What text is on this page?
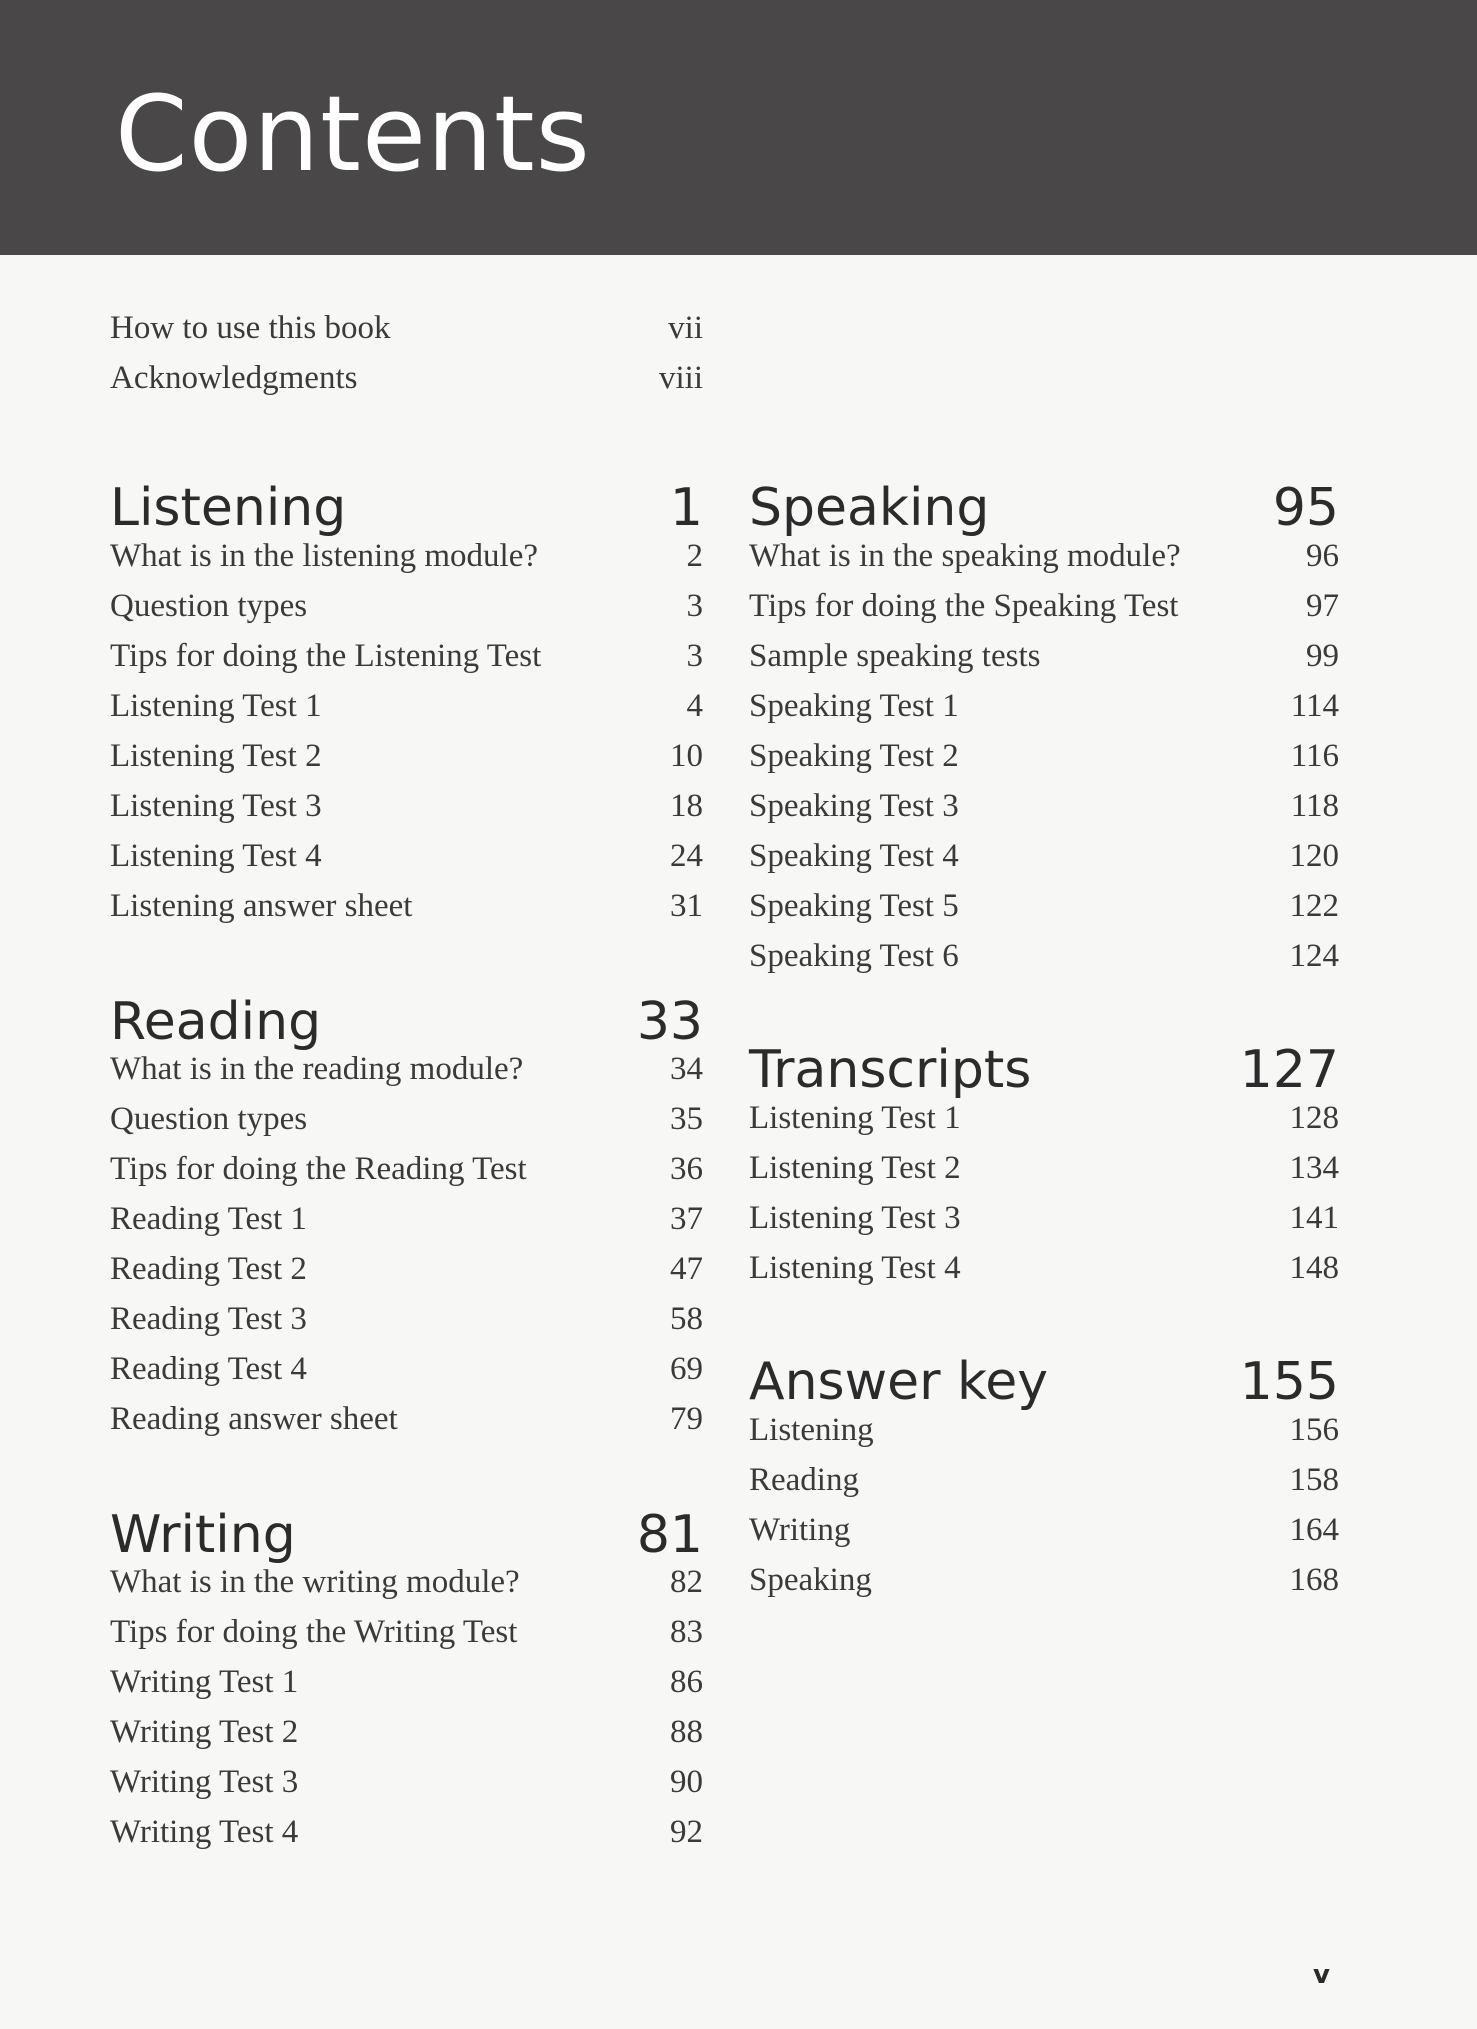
Contents
How to use this book	vii
Acknowledgments	viii
Listening	1
What is in the listening module?	2
Question types	3
Tips for doing the Listening Test	3
Listening Test 1	4
Listening Test 2	10
Listening Test 3	18
Listening Test 4	24
Listening answer sheet	31
Reading	33
What is in the reading module?	34
Question types	35
Tips for doing the Reading Test	36
Reading Test 1	37
Reading Test 2	47
Reading Test 3	58
Reading Test 4	69
Reading answer sheet	79
Writing	81
What is in the writing module?	82
Tips for doing the Writing Test	83
Writing Test 1	86
Writing Test 2	88
Writing Test 3	90
Writing Test 4	92
Speaking	95
What is in the speaking module?	96
Tips for doing the Speaking Test	97
Sample speaking tests	99
Speaking Test 1	114
Speaking Test 2	116
Speaking Test 3	118
Speaking Test 4	120
Speaking Test 5	122
Speaking Test 6	124
Transcripts	127
Listening Test 1	128
Listening Test 2	134
Listening Test 3	141
Listening Test 4	148
Answer key	155
Listening	156
Reading	158
Writing	164
Speaking	168
v
